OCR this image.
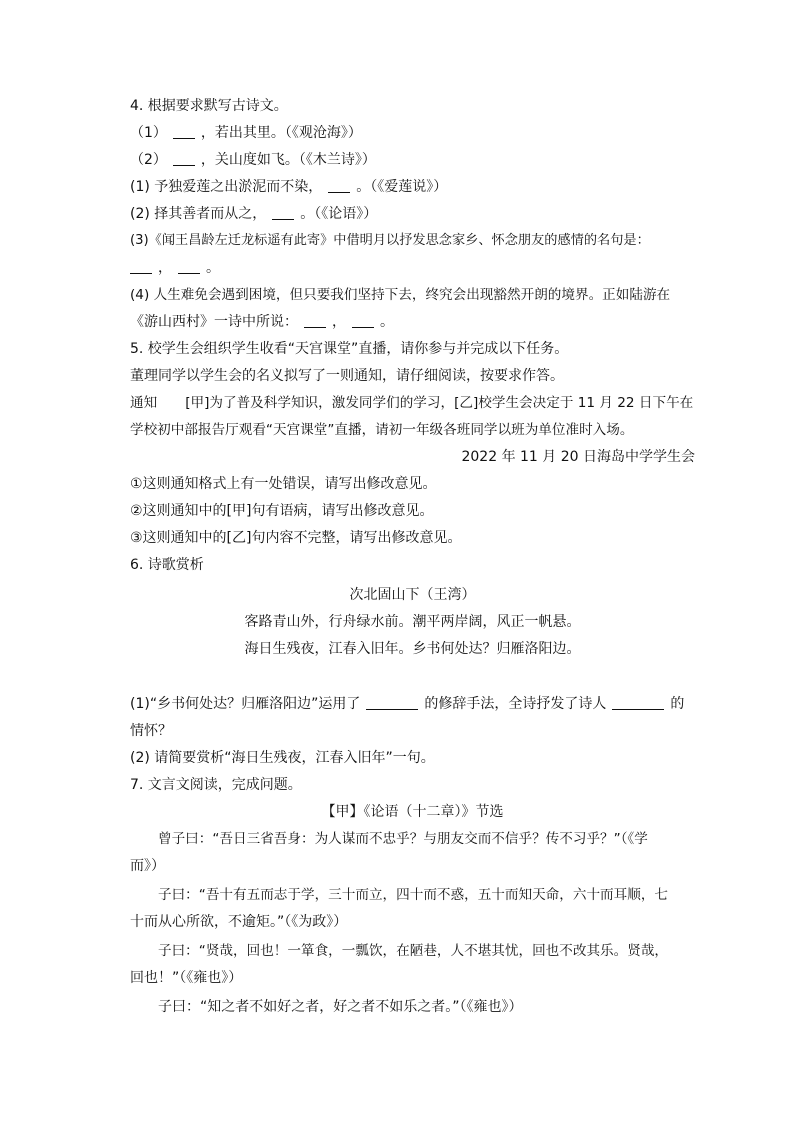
4. 根据要求默写古诗文。
（1） ，若出其里。（《观沧海》）
（2） ，关山度如飞。（《木兰诗》）
(1) 予独爱莲之出淤泥而不染， 。（《爱莲说》）
(2) 择其善者而从之， 。（《论语》）
(3)《闻王昌龄左迁龙标遥有此寄》中借明月以抒发思念家乡、怀念朋友的感情的名句是：
， 。
(4) 人生难免会遇到困境，但只要我们坚持下去，终究会出现豁然开朗的境界。正如陆游在
《游山西村》一诗中所说： ， 。
5. 校学生会组织学生收看“天宫课堂”直播，请你参与并完成以下任务。
董理同学以学生会的名义拟写了一则通知，请仔细阅读，按要求作答。
通知 [甲]为了普及科学知识，激发同学们的学习，[乙]校学生会决定于 11 月 22 日下午在
学校初中部报告厅观看“天宫课堂”直播，请初一年级各班同学以班为单位准时入场。
2022 年 11 月 20 日海岛中学学生会
①这则通知格式上有一处错误，请写出修改意见。
②这则通知中的[甲]句有语病，请写出修改意见。
③这则通知中的[乙]句内容不完整，请写出修改意见。
6. 诗歌赏析
次北固山下（王湾）
客路青山外，行舟绿水前。潮平两岸阔，风正一帆悬。
海日生残夜，江春入旧年。乡书何处达？归雁洛阳边。
(1)“乡书何处达？归雁洛阳边”运用了	的修辞手法，全诗抒发了诗人	的
情怀？
(2) 请简要赏析“海日生残夜，江春入旧年”一句。
7. 文言文阅读，完成问题。
【甲】《论语（十二章）》节选
曾子曰：“吾日三省吾身：为人谋而不忠乎？与朋友交而不信乎？传不习乎？”（《学
而》）
子曰：“吾十有五而志于学，三十而立，四十而不惑，五十而知天命，六十而耳顺，七
十而从心所欲，不逾矩。”（《为政》）
子曰：“贤哉，回也！一箪食，一瓢饮，在陋巷，人不堪其忧，回也不改其乐。贤哉，
回也！”（《雍也》）
子曰：“知之者不如好之者，好之者不如乐之者。”（《雍也》）
